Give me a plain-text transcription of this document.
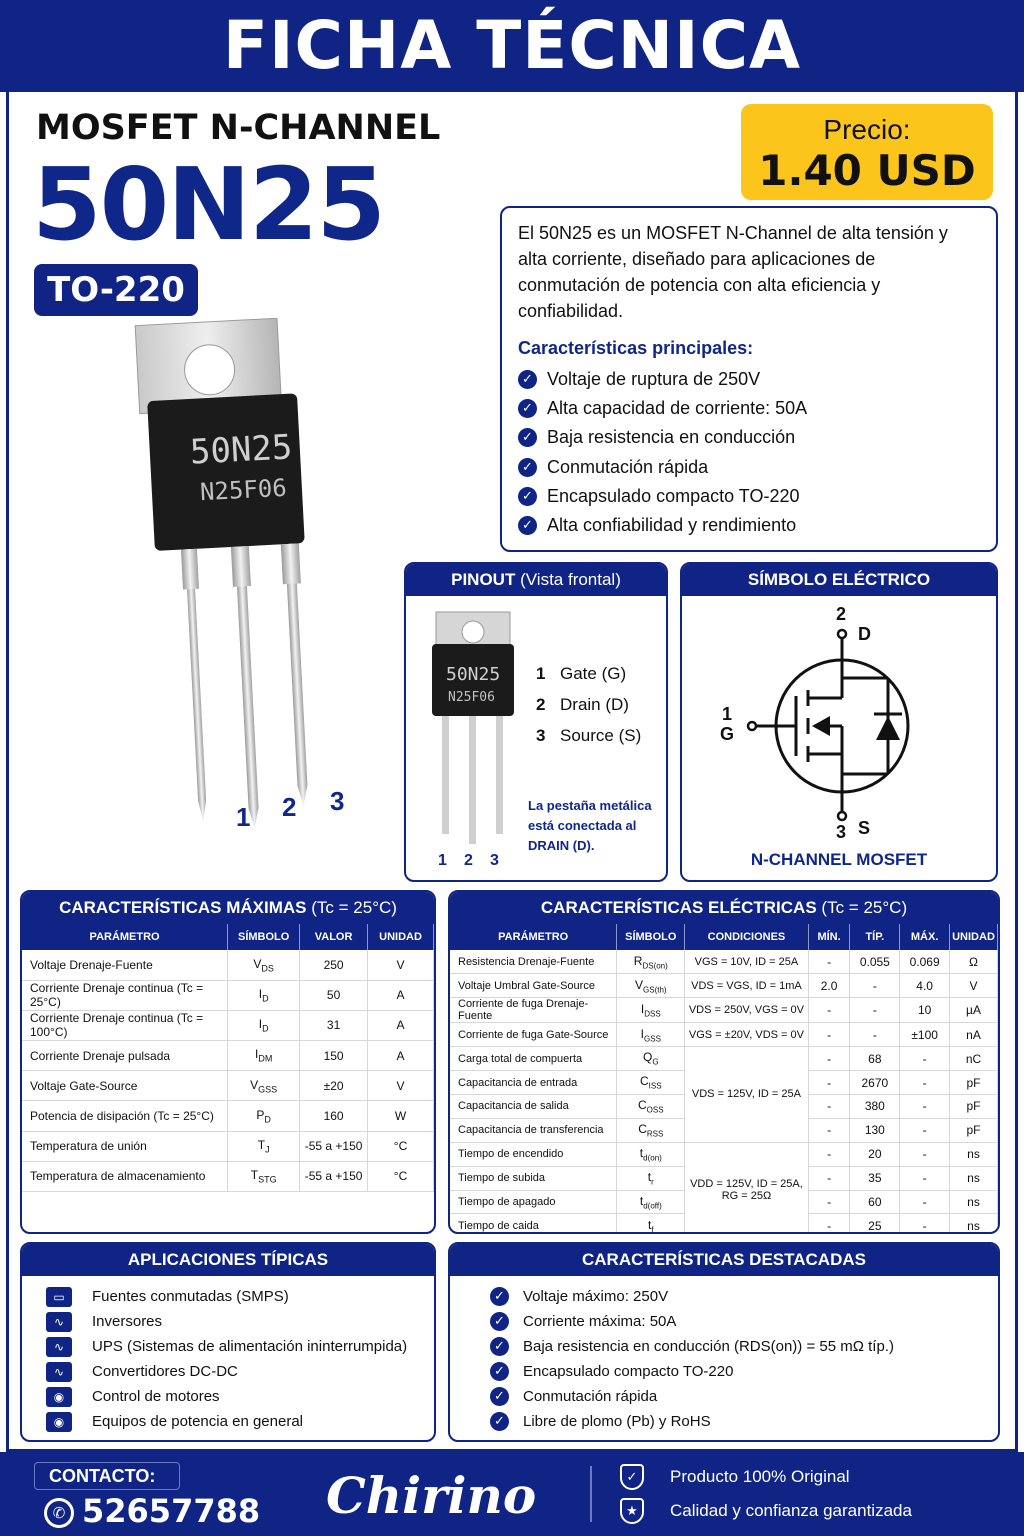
FICHA TÉCNICA
MOSFET N-CHANNEL
50N25
TO-220
50N25
N25F06
1 2 3
Precio:
1.40 USD
El 50N25 es un MOSFET N-Channel de alta tensión y alta corriente, diseñado para aplicaciones de conmutación de potencia con alta eficiencia y confiabilidad.
Características principales:
✓ Voltaje de ruptura de 250V
✓ Alta capacidad de corriente: 50A
✓ Baja resistencia en conducción
✓ Conmutación rápida
✓ Encapsulado compacto TO-220
✓ Alta confiabilidad y rendimiento
PINOUT (Vista frontal)
50N25
N25F06
1 Gate (G)
2 Drain (D)
3 Source (S)
La pestaña metálica está conectada al DRAIN (D).
1 2 3
SÍMBOLO ELÉCTRICO
2
D
1
G
3 S
N-CHANNEL MOSFET
CARACTERÍSTICAS MÁXIMAS (Tc = 25°C)
PARÁMETRO	SÍMBOLO	VALOR	UNIDAD
Voltaje Drenaje-Fuente	$V_{DS}$	250	V
Corriente Drenaje continua (Tc = 25°C)	$I_D$	50	A
Corriente Drenaje continua (Tc = 100°C)	$I_D$	31	A
Corriente Drenaje pulsada	$I_{DM}$	150	A
Voltaje Gate-Source	$V_{GSS}$	±20	V
Potencia de disipación (Tc = 25°C)	$P_D$	160	W
Temperatura de unión	$T_J$	-55 a +150	°C
Temperatura de almacenamiento	$T_{STG}$	-55 a +150	°C
CARACTERÍSTICAS ELÉCTRICAS (Tc = 25°C)
PARÁMETRO	SÍMBOLO	CONDICIONES	MÍN.	TÍP.	MÁX.	UNIDAD
Resistencia Drenaje-Fuente	$R_{DS(on)}$	VGS = 10V, ID = 25A	-	0.055	0.069	Ω
Voltaje Umbral Gate-Source	$V_{GS(th)}$	VDS = VGS, ID = 1mA	2.0	-	4.0	V
Corriente de fuga Drenaje-Fuente	$I_{DSS}$	VDS = 250V, VGS = 0V	-	-	10	µA
Corriente de fuga Gate-Source	$I_{GSS}$	VGS = ±20V, VDS = 0V	-	-	±100	nA
Carga total de compuerta	$Q_G$	VDS = 125V, ID = 25A	-	68	-	nC
Capacitancia de entrada	$C_{ISS}$		-	2670	-	pF
Capacitancia de salida	$C_{OSS}$		-	380	-	pF
Capacitancia de transferencia	$C_{RSS}$		-	130	-	pF
Tiempo de encendido	$t_{d(on)}$	VDD = 125V, ID = 25A, RG = 25Ω	-	20	-	ns
Tiempo de subida	$t_r$		-	35	-	ns
Tiempo de apagado	$t_{d(off)}$		-	60	-	ns
Tiempo de caida	$t_f$		-	25	-	ns
APLICACIONES TÍPICAS
▭	Fuentes conmutadas (SMPS)
∿	Inversores
∿	UPS (Sistemas de alimentación ininterrumpida)
∿	Convertidores DC-DC
◉	Control de motores
◉	Equipos de potencia en general
CARACTERÍSTICAS DESTACADAS
✓ Voltaje máximo: 250V
✓ Corriente máxima: 50A
✓ Baja resistencia en conducción (RDS(on)) = 55 mΩ típ.)
✓ Encapsulado compacto TO-220
✓ Conmutación rápida
✓ Libre de plomo (Pb) y RoHS
CONTACTO:
✆ 52657788 Chirino	✓	Producto 100% Original
★	Calidad y confianza garantizada
